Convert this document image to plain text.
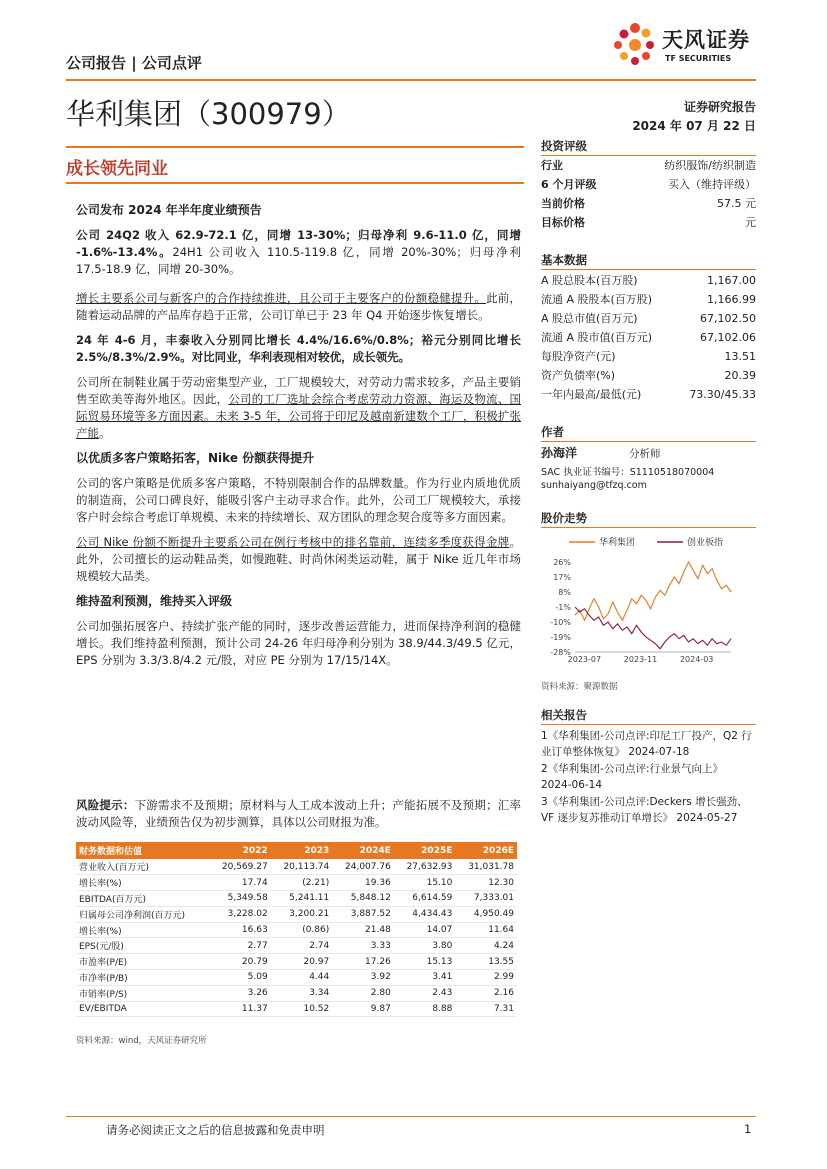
公司报告 | 公司点评
天风证券
TF SECURITIES
华利集团（300979）	证券研究报告
2024 年 07 月 22 日
成长领先同业
公司发布 2024 年半年度业绩预告

公司 24Q2 收入 62.9-72.1 亿，同增 13-30%；归母净利 9.6-11.0 亿，同增 -1.6%-13.4%。24H1 公司收入 110.5-119.8 亿，同增 20%-30%；归母净利 17.5-18.9 亿，同增 20-30%。

增长主要系公司与新客户的合作持续推进，且公司于主要客户的份额稳健提升。此前，随着运动品牌的产品库存趋于正常，公司订单已于 23 年 Q4 开始逐步恢复增长。

24 年 4-6 月，丰泰收入分别同比增长 4.4%/16.6%/0.8%；裕元分别同比增长 2.5%/8.3%/2.9%。对比同业，华利表现相对较优，成长领先。

公司所在制鞋业属于劳动密集型产业，工厂规模较大，对劳动力需求较多，产品主要销售至欧美等海外地区。因此，公司的工厂选址会综合考虑劳动力资源、海运及物流、国际贸易环境等多方面因素。未来 3-5 年，公司将于印尼及越南新建数个工厂，积极扩张产能。

以优质多客户策略拓客，Nike 份额获得提升

公司的客户策略是优质多客户策略，不特别限制合作的品牌数量。作为行业内质地优质的制造商，公司口碑良好，能吸引客户主动寻求合作。此外，公司工厂规模较大，承接客户时会综合考虑订单规模、未来的持续增长、双方团队的理念契合度等多方面因素。

公司 Nike 份额不断提升主要系公司在例行考核中的排名靠前，连续多季度获得金牌。此外，公司擅长的运动鞋品类，如慢跑鞋、时尚休闲类运动鞋，属于 Nike 近几年市场规模较大品类。

维持盈利预测，维持买入评级

公司加强拓展客户、持续扩张产能的同时，逐步改善运营能力，进而保持净利润的稳健增长。我们维持盈利预测，预计公司 24-26 年归母净利分别为 38.9/44.3/49.5 亿元，EPS 分别为 3.3/3.8/4.2 元/股，对应 PE 分别为 17/15/14X。

风险提示：下游需求不及预期；原材料与人工成本波动上升；产能拓展不及预期；汇率波动风险等，业绩预告仅为初步测算，具体以公司财报为准。

财务数据和估值	2022	2023	2024E	2025E	2026E
营业收入(百万元)	20,569.27	20,113.74	24,007.76	27,632.93	31,031.78
增长率(%)	17.74	(2.21)	19.36	15.10	12.30
EBITDA(百万元)	5,349.58	5,241.11	5,848.12	6,614.59	7,333.01
归属母公司净利润(百万元)	3,228.02	3,200.21	3,887.52	4,434.43	4,950.49
增长率(%)	16.63	(0.86)	21.48	14.07	11.64
EPS(元/股)	2.77	2.74	3.33	3.80	4.24
市盈率(P/E)	20.79	20.97	17.26	15.13	13.55
市净率(P/B)	5.09	4.44	3.92	3.41	2.99
市销率(P/S)	3.26	3.34	2.80	2.43	2.16
EV/EBITDA	11.37	10.52	9.87	8.88	7.31
资料来源：wind，天风证券研究所
投资评级
行业	纺织服饰/纺织制造
6 个月评级	买入（维持评级）
当前价格	57.5 元
目标价格	元
基本数据
A 股总股本(百万股)	1,167.00
流通 A 股股本(百万股)	1,166.99
A 股总市值(百万元)	67,102.50
流通 A 股市值(百万元)	67,102.06
每股净资产(元)	13.51
资产负债率(%)	20.39
一年内最高/最低(元)	73.30/45.33
作者
孙海洋	分析师
SAC 执业证书编号：S1110518070004
sunhaiyang@tfzq.com
股价走势
华利集团	创业板指
26%
17%
8%
-1%
-10%
-19%
-28%
2023-07	2023-11	2024-03
资料来源：聚源数据
相关报告
1《华利集团-公司点评:印尼工厂投产，Q2 行业订单整体恢复》 2024-07-18
2《华利集团-公司点评:行业景气向上》 2024-06-14
3《华利集团-公司点评:Deckers 增长强劲、VF 逐步复苏推动订单增长》 2024-05-27
请务必阅读正文之后的信息披露和免责申明	1
